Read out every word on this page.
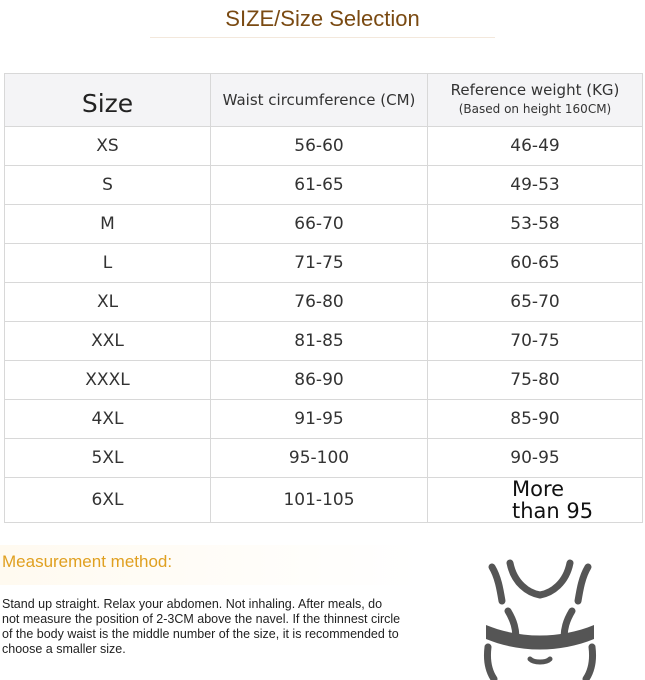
SIZE/Size Selection
Size	Waist circumference (CM)	Reference weight (KG)
(Based on height 160CM)

XS	56-60	46-49
S	61-65	49-53
M	66-70	53-58
L	71-75	60-65
XL	76-80	65-70
XXL	81-85	70-75
XXXL	86-90	75-80
4XL	91-95	85-90
5XL	95-100	90-95
6XL	101-105	More
than 95
Measurement method:
Stand up straight. Relax your abdomen. Not inhaling. After meals, do not measure the position of 2-3CM above the navel. If the thinnest circle of the body waist is the middle number of the size, it is recommended to choose a smaller size.
